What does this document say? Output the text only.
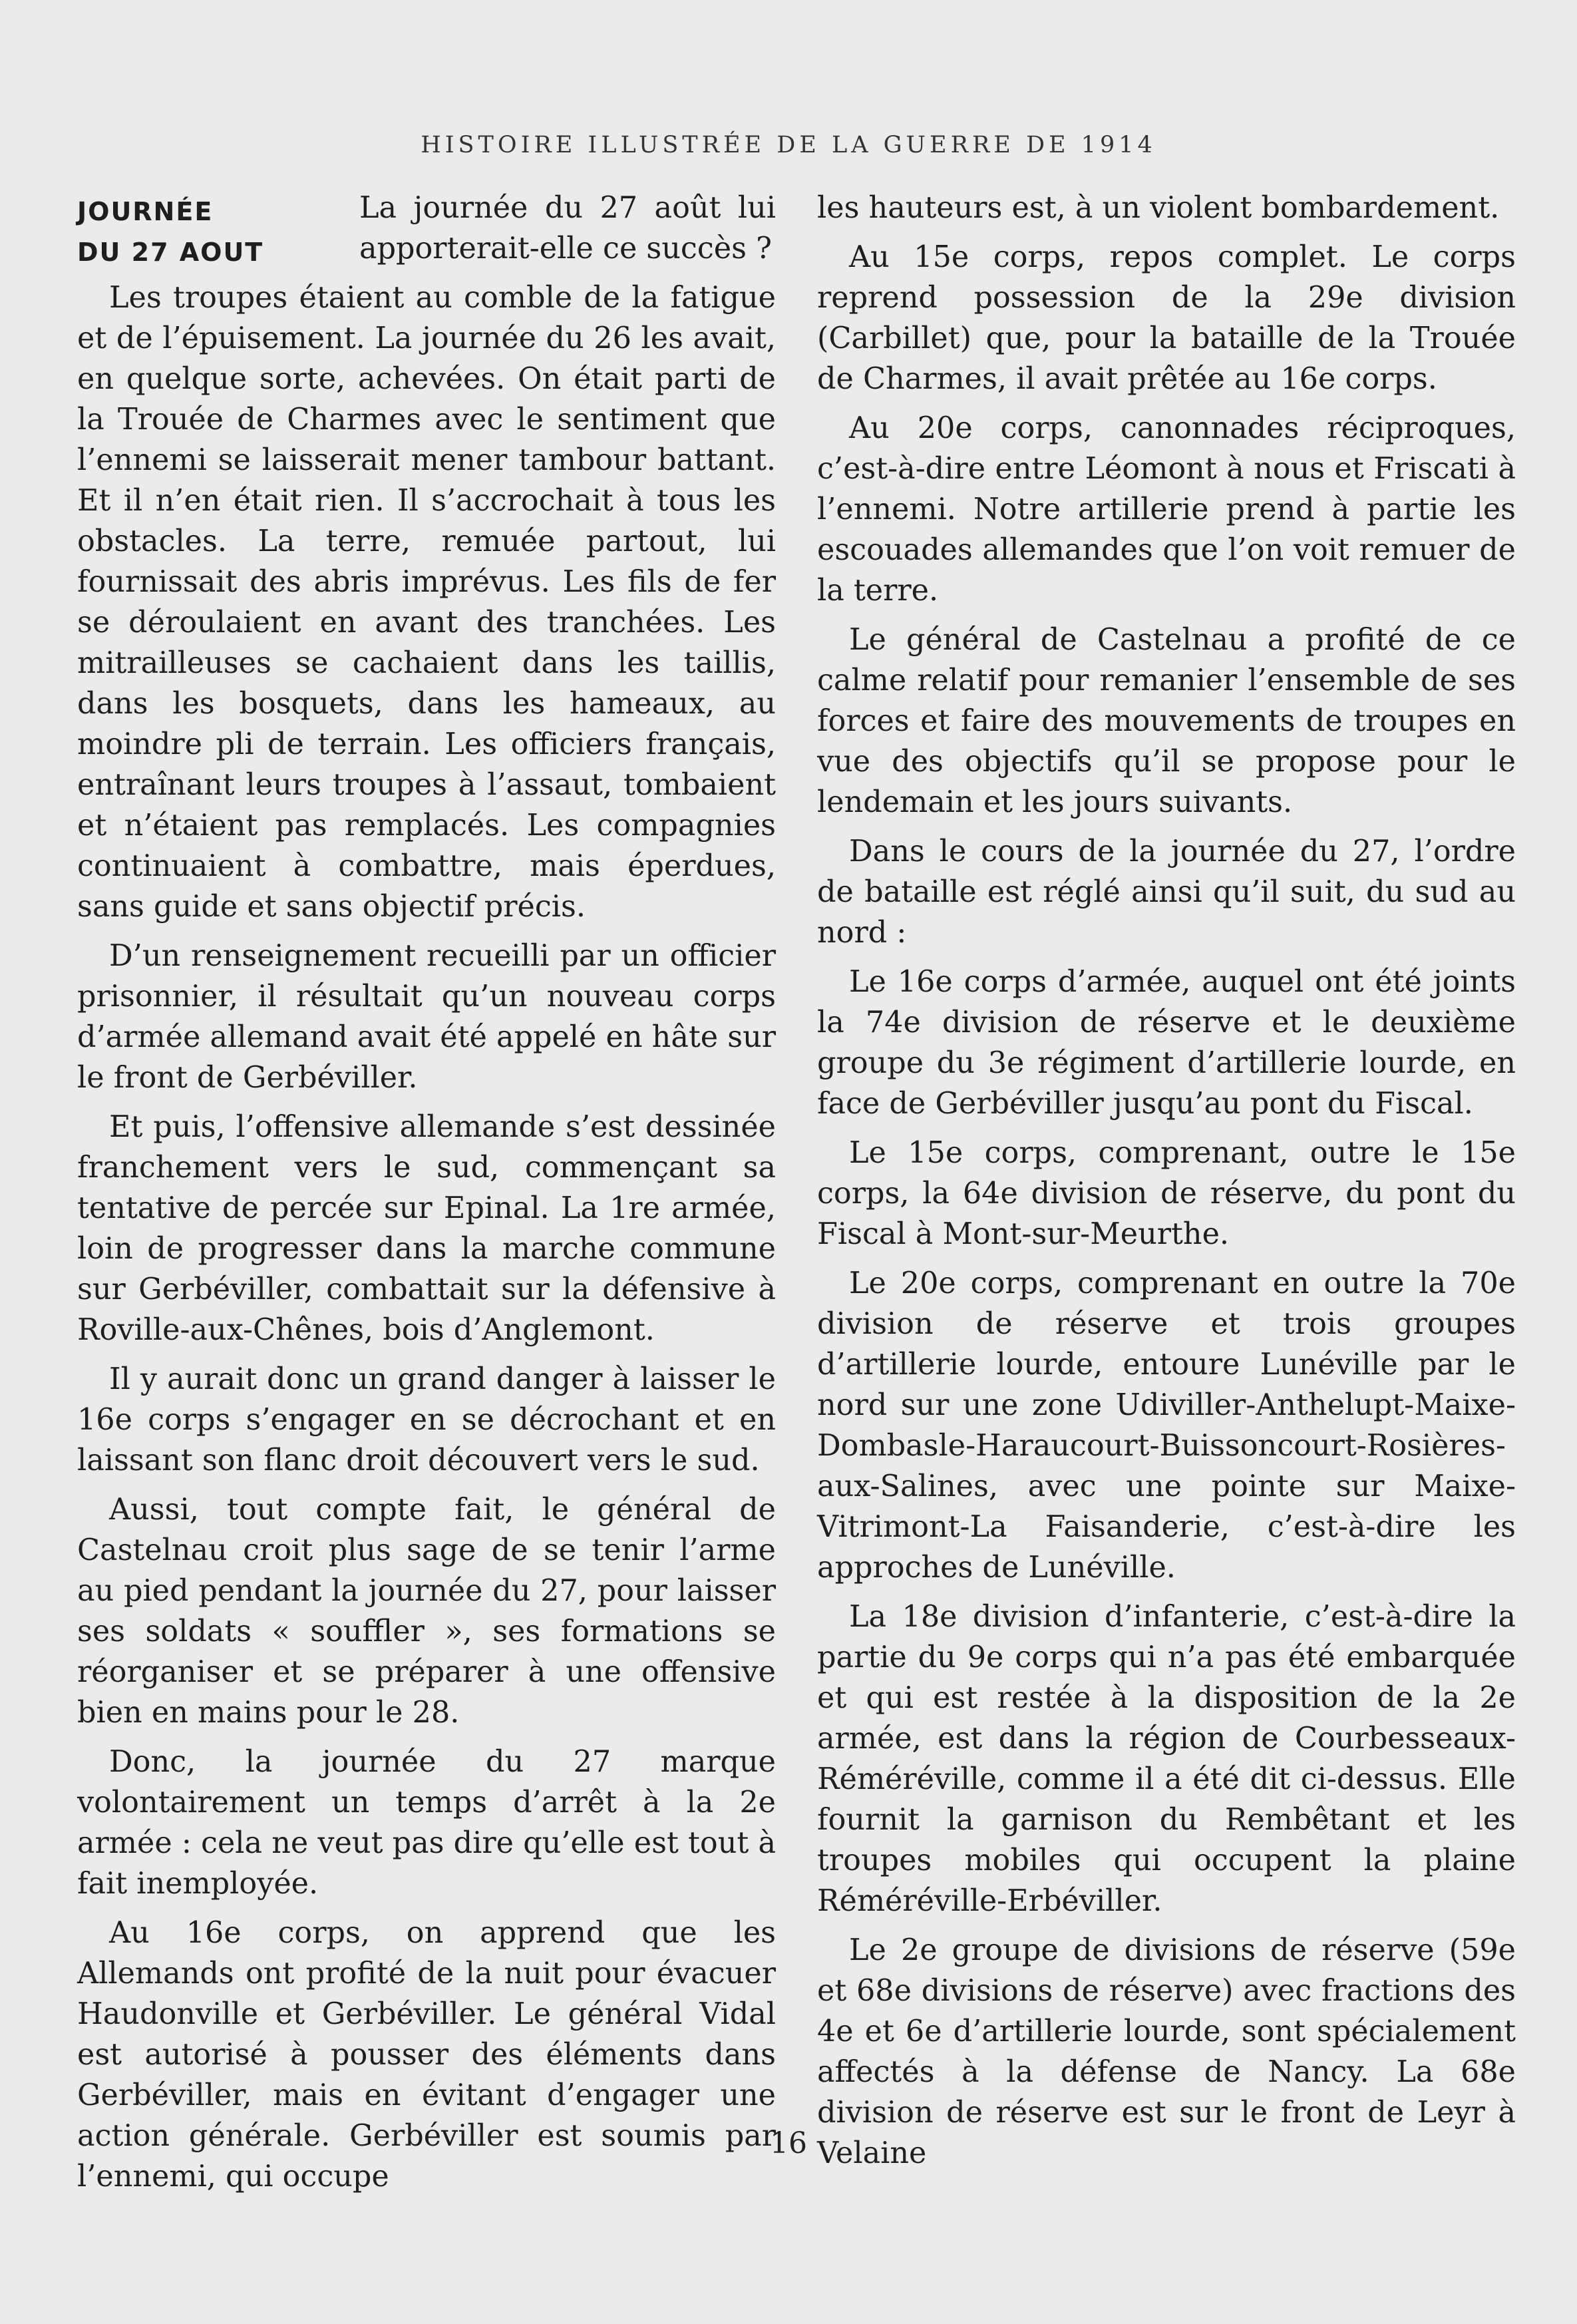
HISTOIRE ILLUSTRÉE DE LA GUERRE DE 1914
JOURNÉE
DU 27 AOUT

La journée du 27 août lui apporterait-elle ce succès ?

Les troupes étaient au comble de la fatigue et de l’épuisement. La journée du 26 les avait, en quelque sorte, achevées. On était parti de la Trouée de Charmes avec le sentiment que l’ennemi se laisserait mener tambour battant. Et il n’en était rien. Il s’accrochait à tous les obstacles. La terre, remuée partout, lui fournissait des abris imprévus. Les fils de fer se déroulaient en avant des tranchées. Les mitrailleuses se cachaient dans les taillis, dans les bosquets, dans les hameaux, au moindre pli de terrain. Les officiers français, entraînant leurs troupes à l’assaut, tombaient et n’étaient pas remplacés. Les compagnies continuaient à combattre, mais éperdues, sans guide et sans objectif précis.

D’un renseignement recueilli par un officier prisonnier, il résultait qu’un nouveau corps d’armée allemand avait été appelé en hâte sur le front de Gerbéviller.

Et puis, l’offensive allemande s’est dessinée franchement vers le sud, commençant sa tentative de percée sur Epinal. La 1re armée, loin de progresser dans la marche commune sur Gerbéviller, combattait sur la défensive à Roville-aux-Chênes, bois d’Anglemont.

Il y aurait donc un grand danger à laisser le 16e corps s’engager en se décrochant et en laissant son flanc droit découvert vers le sud.

Aussi, tout compte fait, le général de Castelnau croit plus sage de se tenir l’arme au pied pendant la journée du 27, pour laisser ses soldats « souffler », ses formations se réorganiser et se préparer à une offensive bien en mains pour le 28.

Donc, la journée du 27 marque volontairement un temps d’arrêt à la 2e armée : cela ne veut pas dire qu’elle est tout à fait inemployée.

Au 16e corps, on apprend que les Allemands ont profité de la nuit pour évacuer Haudonville et Gerbéviller. Le général Vidal est autorisé à pousser des éléments dans Gerbéviller, mais en évitant d’engager une action générale. Gerbéviller est soumis par l’ennemi, qui occupe

les hauteurs est, à un violent bombardement.

Au 15e corps, repos complet. Le corps reprend possession de la 29e division (Carbillet) que, pour la bataille de la Trouée de Charmes, il avait prêtée au 16e corps.

Au 20e corps, canonnades réciproques, c’est-à-dire entre Léomont à nous et Friscati à l’ennemi. Notre artillerie prend à partie les escouades allemandes que l’on voit remuer de la terre.

Le général de Castelnau a profité de ce calme relatif pour remanier l’ensemble de ses forces et faire des mouvements de troupes en vue des objectifs qu’il se propose pour le lendemain et les jours suivants.

Dans le cours de la journée du 27, l’ordre de bataille est réglé ainsi qu’il suit, du sud au nord :

Le 16e corps d’armée, auquel ont été joints la 74e division de réserve et le deuxième groupe du 3e régiment d’artillerie lourde, en face de Gerbéviller jusqu’au pont du Fiscal.

Le 15e corps, comprenant, outre le 15e corps, la 64e division de réserve, du pont du Fiscal à Mont-sur-Meurthe.

Le 20e corps, comprenant en outre la 70e division de réserve et trois groupes d’artillerie lourde, entoure Lunéville par le nord sur une zone Udiviller-Anthelupt-Maixe-Dombasle-Haraucourt-Buissoncourt-Rosières-aux-Salines, avec une pointe sur Maixe-Vitrimont-La Faisanderie, c’est-à-dire les approches de Lunéville.

La 18e division d’infanterie, c’est-à-dire la partie du 9e corps qui n’a pas été embarquée et qui est restée à la disposition de la 2e armée, est dans la région de Courbesseaux-Réméréville, comme il a été dit ci-dessus. Elle fournit la garnison du Rembêtant et les troupes mobiles qui occupent la plaine Réméréville-Erbéviller.

Le 2e groupe de divisions de réserve (59e et 68e divisions de réserve) avec fractions des 4e et 6e d’artillerie lourde, sont spécialement affectés à la défense de Nancy. La 68e division de réserve est sur le front de Leyr à Velaine

16
